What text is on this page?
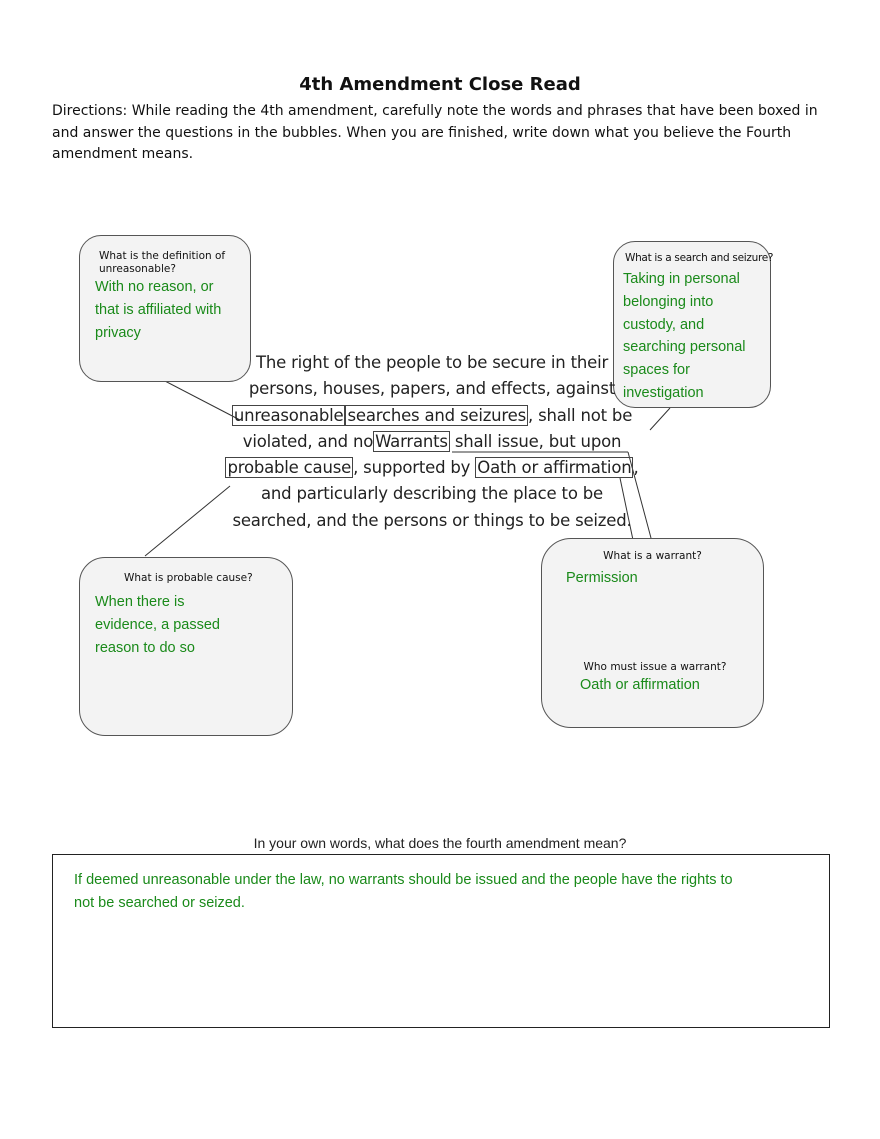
4th Amendment Close Read
Directions: While reading the 4th amendment, carefully note the words and phrases that have been boxed in and answer the questions in the bubbles. When you are finished, write down what you believe the Fourth amendment means.
What is the definition of unreasonable?
With no reason, or that is affiliated with privacy
What is a search and seizure?
Taking in personal belonging into custody, and searching personal spaces for investigation
The right of the people to be secure in their persons, houses, papers, and effects, against unreasonable searches and seizures , shall not be violated, and no Warrants shall issue, but upon probable cause , supported by Oath or affirmation , and particularly describing the place to be searched, and the persons or things to be seized.
What is probable cause?
When there is evidence, a passed reason to do so
What is a warrant?
Permission
Who must issue a warrant?
Oath or affirmation
In your own words, what does the fourth amendment mean?
If deemed unreasonable under the law, no warrants should be issued and the people have the rights to not be searched or seized.
